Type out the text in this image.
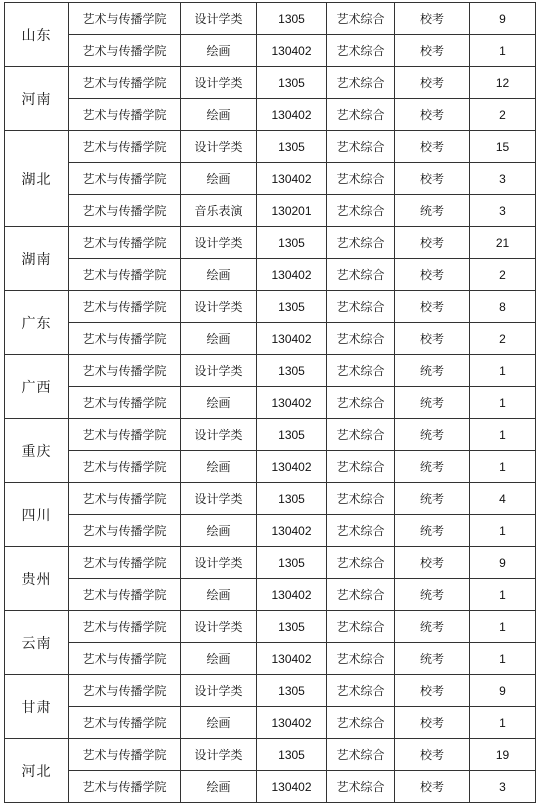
山东	艺术与传播学院	设计学类	1305	艺术综合	校考	9
	艺术与传播学院	绘画	130402	艺术综合	校考	1
河南	艺术与传播学院	设计学类	1305	艺术综合	校考	12
	艺术与传播学院	绘画	130402	艺术综合	校考	2
湖北	艺术与传播学院	设计学类	1305	艺术综合	校考	15
	艺术与传播学院	绘画	130402	艺术综合	校考	3
	艺术与传播学院	音乐表演	130201	艺术综合	统考	3
湖南	艺术与传播学院	设计学类	1305	艺术综合	校考	21
	艺术与传播学院	绘画	130402	艺术综合	校考	2
广东	艺术与传播学院	设计学类	1305	艺术综合	校考	8
	艺术与传播学院	绘画	130402	艺术综合	校考	2
广西	艺术与传播学院	设计学类	1305	艺术综合	统考	1
	艺术与传播学院	绘画	130402	艺术综合	统考	1
重庆	艺术与传播学院	设计学类	1305	艺术综合	统考	1
	艺术与传播学院	绘画	130402	艺术综合	统考	1
四川	艺术与传播学院	设计学类	1305	艺术综合	统考	4
	艺术与传播学院	绘画	130402	艺术综合	统考	1
贵州	艺术与传播学院	设计学类	1305	艺术综合	校考	9
	艺术与传播学院	绘画	130402	艺术综合	统考	1
云南	艺术与传播学院	设计学类	1305	艺术综合	统考	1
	艺术与传播学院	绘画	130402	艺术综合	统考	1
甘肃	艺术与传播学院	设计学类	1305	艺术综合	校考	9
	艺术与传播学院	绘画	130402	艺术综合	校考	1
河北	艺术与传播学院	设计学类	1305	艺术综合	校考	19
	艺术与传播学院	绘画	130402	艺术综合	校考	3
